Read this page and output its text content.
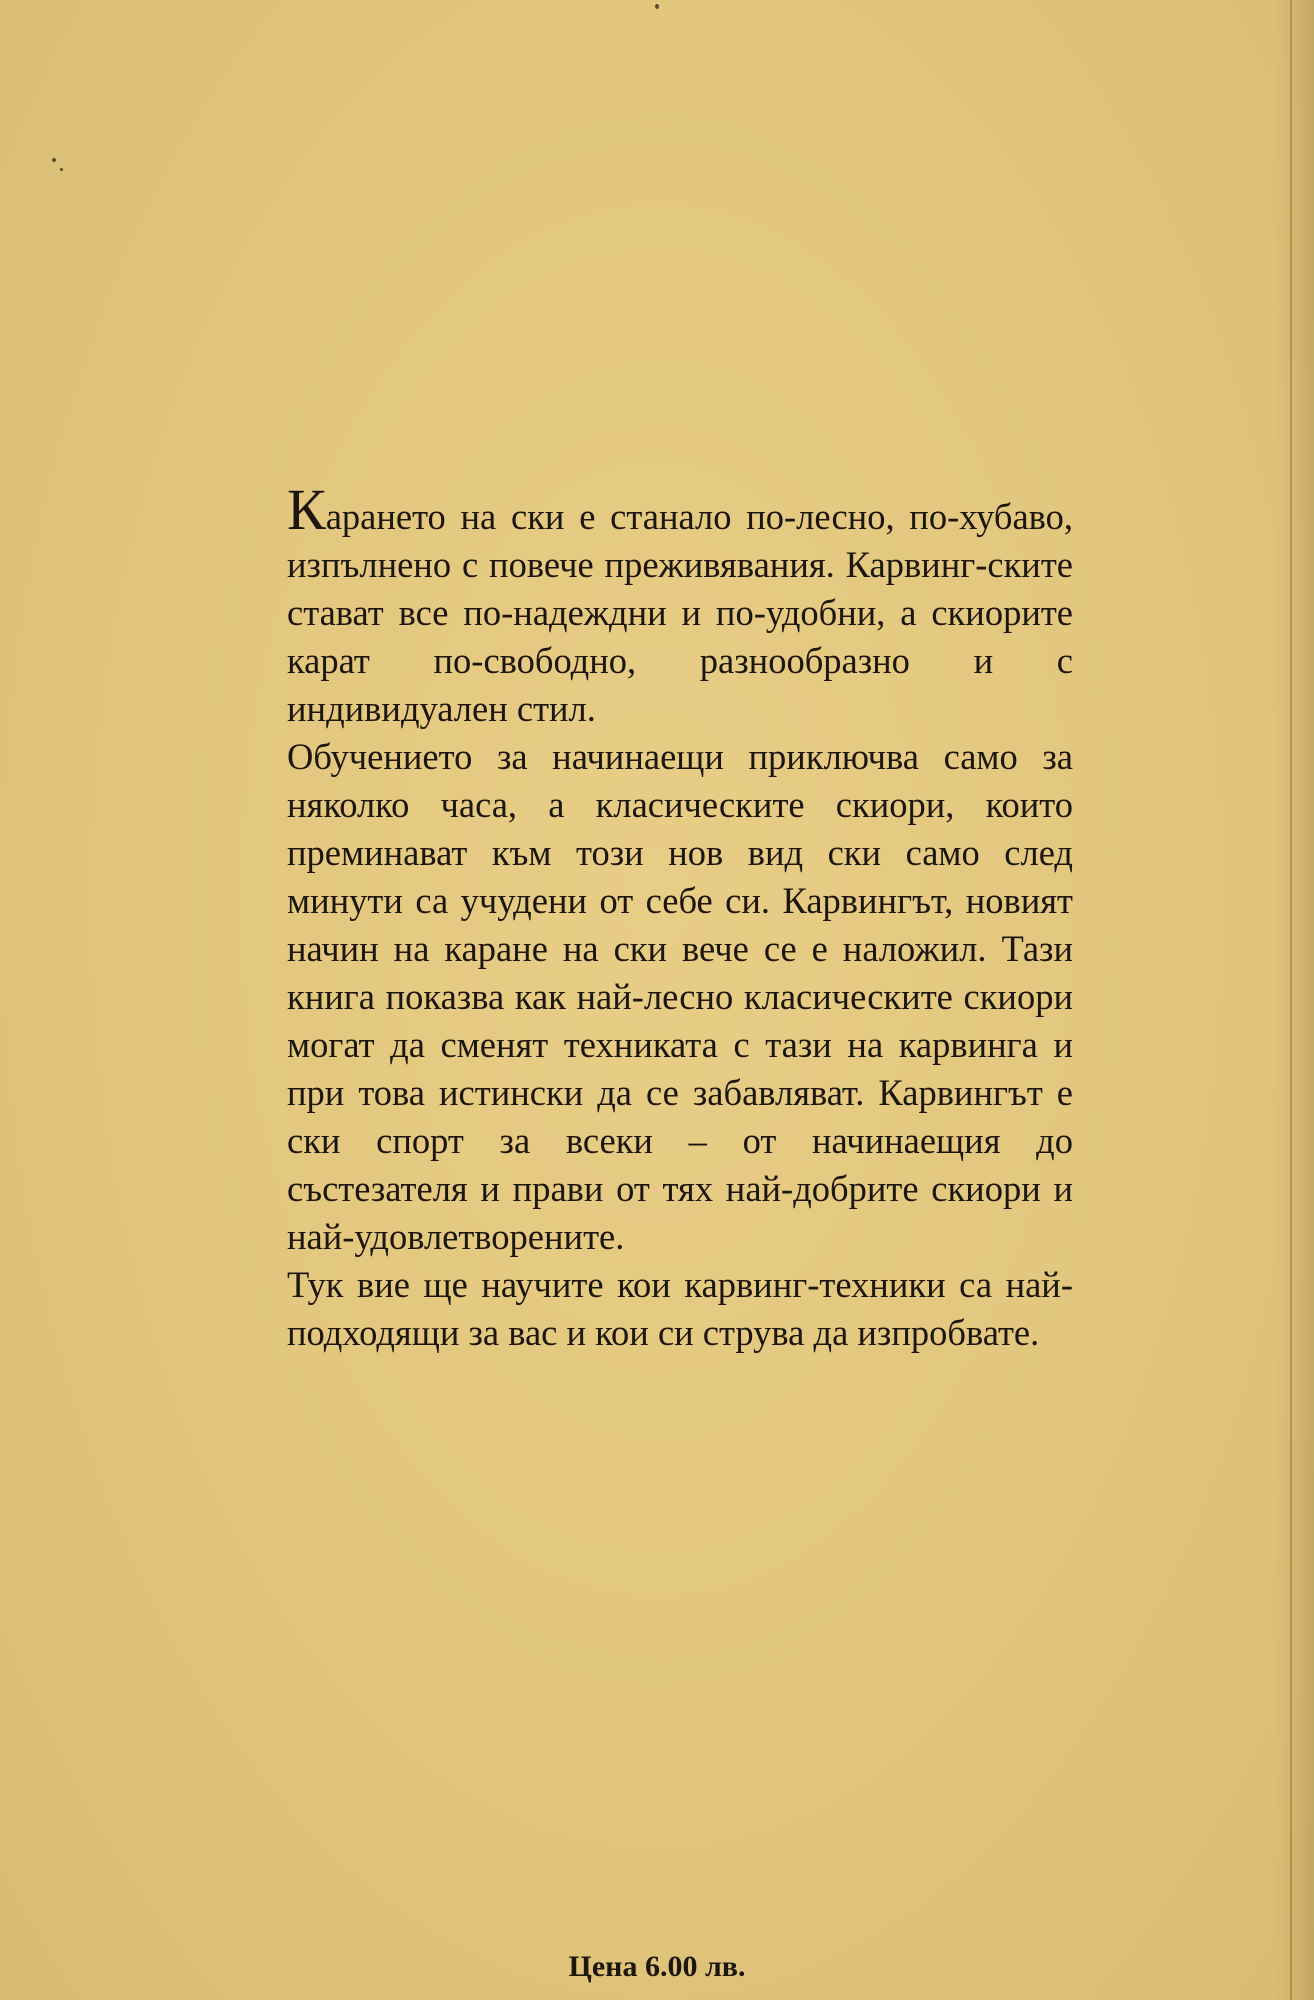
Карането на ски е станало по-лесно, по-хубаво, изпълнено с повече преживявания. Карвинг-ските стават все по-надеждни и по-удобни, а скиорите карат по-свободно, разнообразно и с индивидуален стил.

Обучението за начинаещи приключва само за няколко часа, а класическите скиори, които преминават към този нов вид ски само след минути са учудени от себе си. Карвингът, новият начин на каране на ски вече се е наложил. Тази книга показва как най-лесно класическите скиори могат да сменят техниката с тази на карвинга и при това истински да се забавляват. Карвингът е ски спорт за всеки – от начинаещия до състезателя и прави от тях най-добрите скиори и най-удовлетворените.

Тук вие ще научите кои карвинг-техники са най-подходящи за вас и кои си струва да изпробвате.

Цена 6.00 лв.
